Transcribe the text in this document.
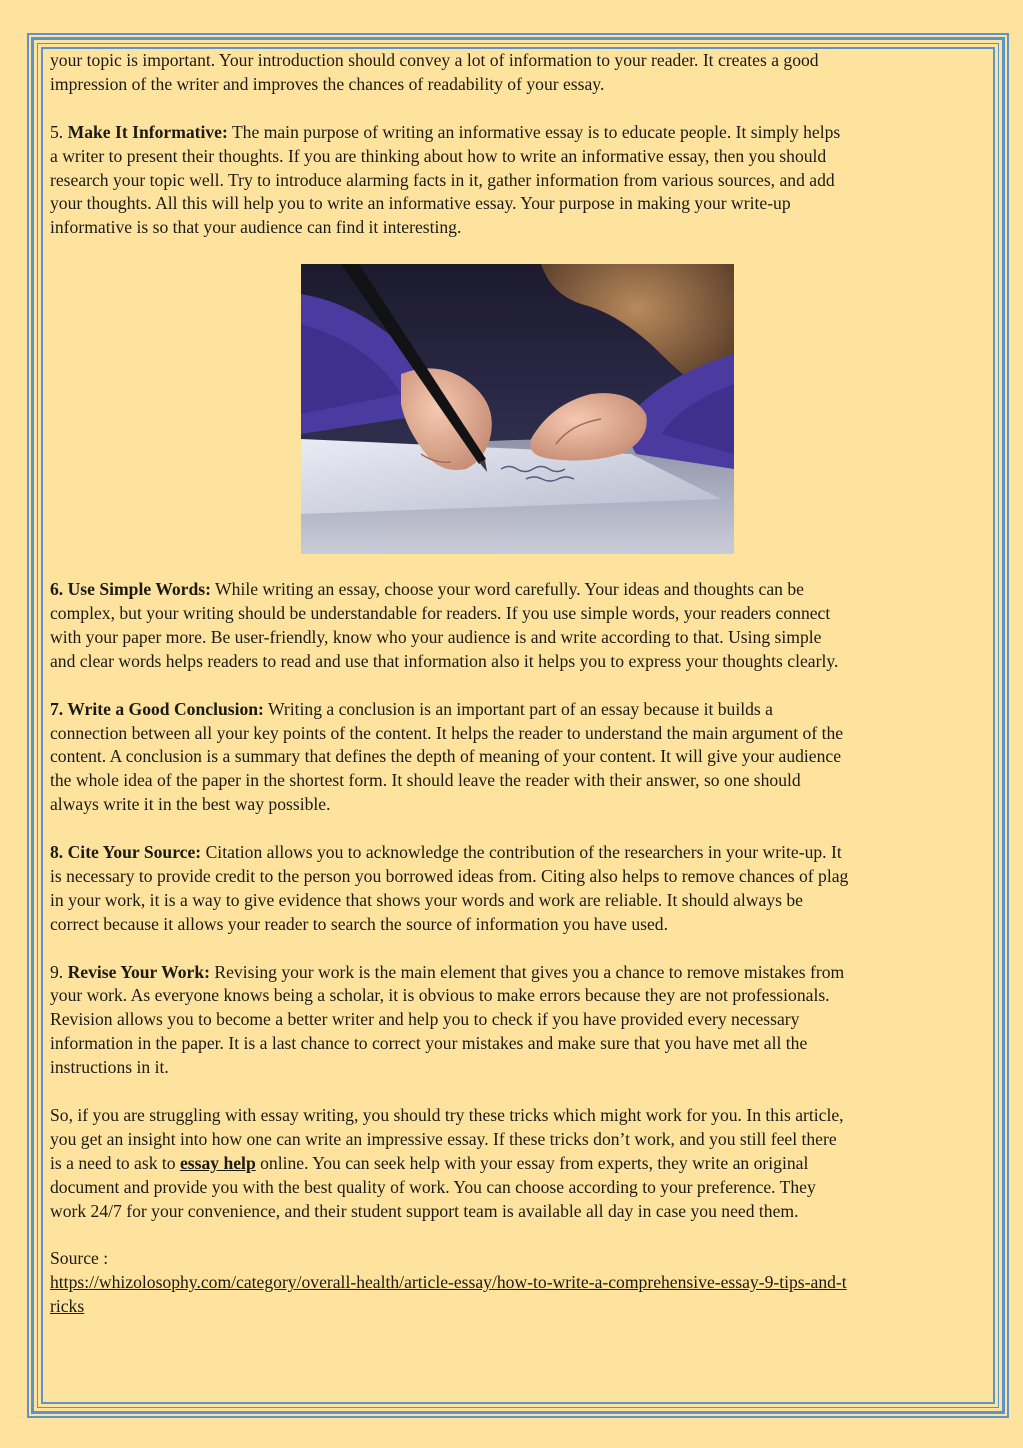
your topic is important. Your introduction should convey a lot of information to your reader. It creates a good
impression of the writer and improves the chances of readability of your essay.

5. Make It Informative: The main purpose of writing an informative essay is to educate people. It simply helps
a writer to present their thoughts. If you are thinking about how to write an informative essay, then you should
research your topic well. Try to introduce alarming facts in it, gather information from various sources, and add
your thoughts. All this will help you to write an informative essay. Your purpose in making your write-up
informative is so that your audience can find it interesting.

6. Use Simple Words: While writing an essay, choose your word carefully. Your ideas and thoughts can be
complex, but your writing should be understandable for readers. If you use simple words, your readers connect
with your paper more. Be user-friendly, know who your audience is and write according to that. Using simple
and clear words helps readers to read and use that information also it helps you to express your thoughts clearly.

7. Write a Good Conclusion: Writing a conclusion is an important part of an essay because it builds a
connection between all your key points of the content. It helps the reader to understand the main argument of the
content. A conclusion is a summary that defines the depth of meaning of your content. It will give your audience
the whole idea of the paper in the shortest form. It should leave the reader with their answer, so one should
always write it in the best way possible.

8. Cite Your Source: Citation allows you to acknowledge the contribution of the researchers in your write-up. It
is necessary to provide credit to the person you borrowed ideas from. Citing also helps to remove chances of plag
in your work, it is a way to give evidence that shows your words and work are reliable. It should always be
correct because it allows your reader to search the source of information you have used.

9. Revise Your Work: Revising your work is the main element that gives you a chance to remove mistakes from
your work. As everyone knows being a scholar, it is obvious to make errors because they are not professionals.
Revision allows you to become a better writer and help you to check if you have provided every necessary
information in the paper. It is a last chance to correct your mistakes and make sure that you have met all the
instructions in it.

So, if you are struggling with essay writing, you should try these tricks which might work for you. In this article,
you get an insight into how one can write an impressive essay. If these tricks don’t work, and you still feel there
is a need to ask to essay help online. You can seek help with your essay from experts, they write an original
document and provide you with the best quality of work. You can choose according to your preference. They
work 24/7 for your convenience, and their student support team is available all day in case you need them.

Source :
https://whizolosophy.com/category/overall-health/article-essay/how-to-write-a-comprehensive-essay-9-tips-and-t
ricks
